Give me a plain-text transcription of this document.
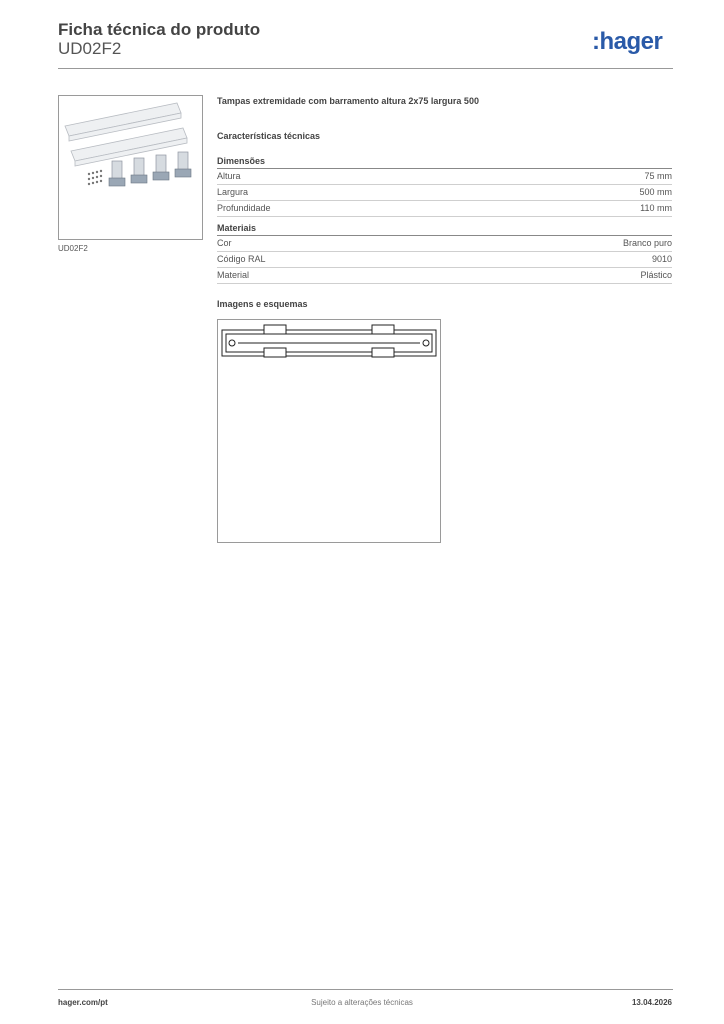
Ficha técnica do produto
UD02F2	:hager
UD02F2
Tampas extremidade com barramento altura 2x75 largura 500
Características técnicas
Dimensões
Altura	75 mm
Largura	500 mm
Profundidade	110 mm
Materiais
Cor	Branco puro
Código RAL	9010
Material	Plástico
Imagens e esquemas
hager.com/pt	Sujeito a alterações técnicas	13.04.2026
